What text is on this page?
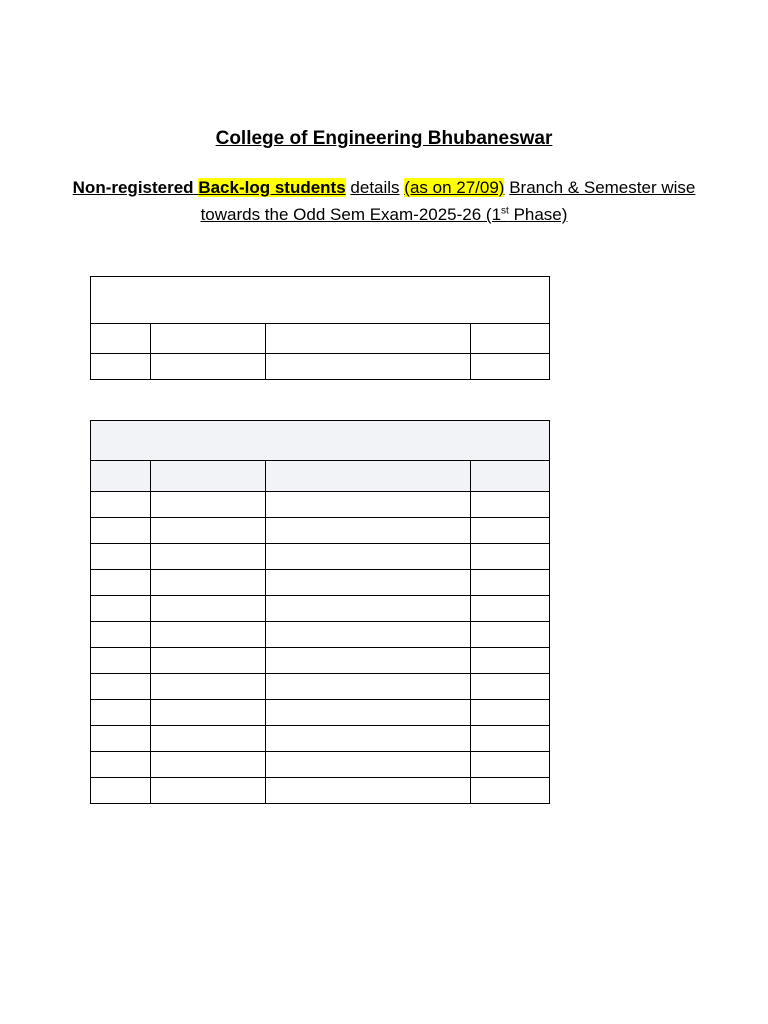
College of Engineering Bhubaneswar
Non-registered Back-log students details (as on 27/09) Branch & Semester wise
towards the Odd Sem Exam-2025-26 (1st Phase)
